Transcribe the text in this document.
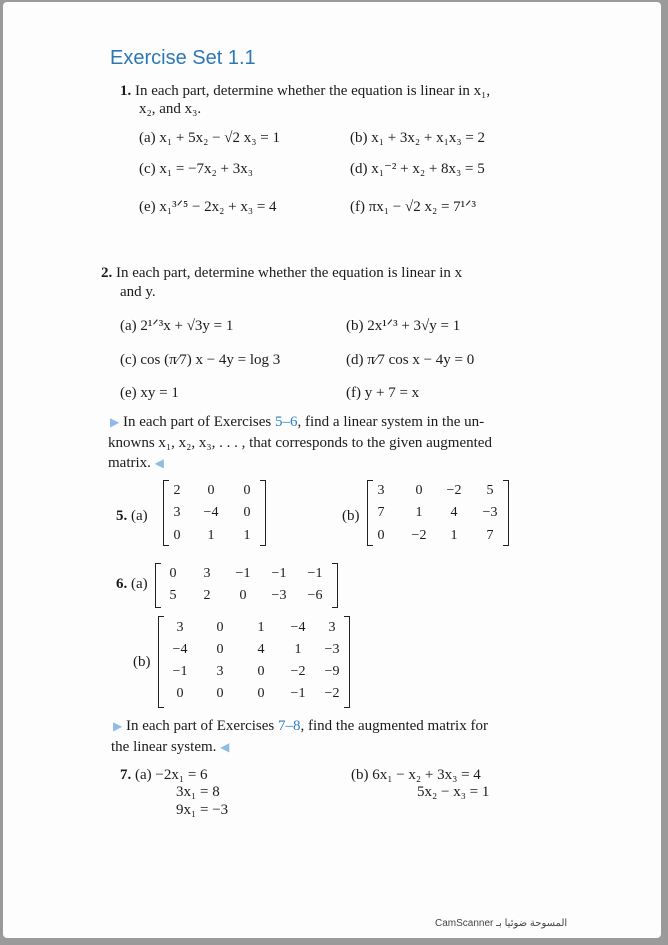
Exercise Set 1.1
1. In each part, determine whether the equation is linear in x₁,
x₂, and x₃.
(a) x₁ + 5x₂ − √2 x₃ = 1	(b) x₁ + 3x₂ + x₁x₃ = 2
(c) x₁ = −7x₂ + 3x₃	(d) x₁⁻² + x₂ + 8x₃ = 5
(e) x₁³ᐟ⁵ − 2x₂ + x₃ = 4	(f) πx₁ − √2 x₂ = 7¹ᐟ³
2. In each part, determine whether the equation is linear in x
and y.
(a) 2¹ᐟ³x + √3y = 1	(b) 2x¹ᐟ³ + 3√y = 1
(c) cos (π⁄7) x − 4y = log 3	(d) π⁄7 cos x − 4y = 0
(e) xy = 1	(f) y + 7 = x
▶ In each part of Exercises 5–6, find a linear system in the un-
knowns x₁, x₂, x₃, . . . , that corresponds to the given augmented
matrix. ◀
5. (a)
2	0	0
3	−4	0
0	1	1
(b)
3	0	−2	5
7	1	4	−3
0	−2	1	7
6. (a)
0	3	−1	−1	−1
5	2	0	−3	−6
(b)
3	0	1	−4	3
−4	0	4	1	−3
−1	3	0	−2	−9
0	0	0	−1	−2
▶ In each part of Exercises 7–8, find the augmented matrix for
the linear system. ◀
7. (a) −2x₁ = 6
3x₁ = 8
9x₁ = −3
(b) 6x₁ − x₂ + 3x₃ = 4
5x₂ − x₃ = 1
CamScanner المسوحة ضوئيا بـ
